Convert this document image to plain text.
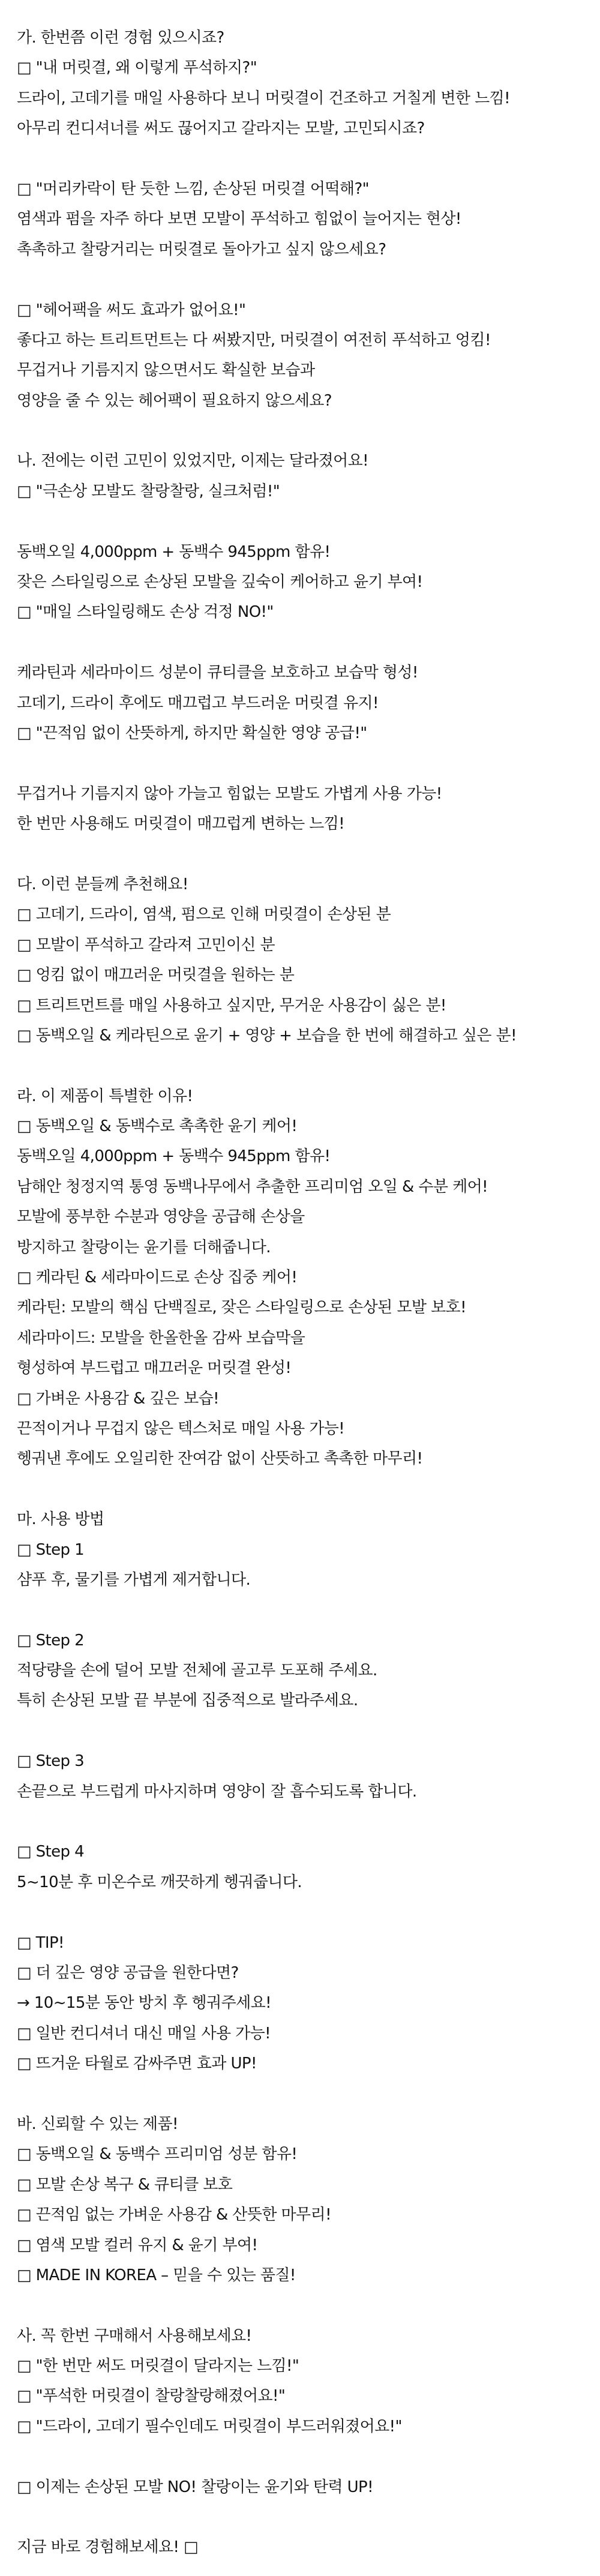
가. 한번쯤 이런 경험 있으시죠?
□ "내 머릿결, 왜 이렇게 푸석하지?"
드라이, 고데기를 매일 사용하다 보니 머릿결이 건조하고 거칠게 변한 느낌!
아무리 컨디셔너를 써도 끊어지고 갈라지는 모발, 고민되시죠?
□ "머리카락이 탄 듯한 느낌, 손상된 머릿결 어떡해?"
염색과 펌을 자주 하다 보면 모발이 푸석하고 힘없이 늘어지는 현상!
촉촉하고 찰랑거리는 머릿결로 돌아가고 싶지 않으세요?
□ "헤어팩을 써도 효과가 없어요!"
좋다고 하는 트리트먼트는 다 써봤지만, 머릿결이 여전히 푸석하고 엉킴!
무겁거나 기름지지 않으면서도 확실한 보습과
영양을 줄 수 있는 헤어팩이 필요하지 않으세요?
나. 전에는 이런 고민이 있었지만, 이제는 달라졌어요!
□ "극손상 모발도 찰랑찰랑, 실크처럼!"
동백오일 4,000ppm + 동백수 945ppm 함유!
잦은 스타일링으로 손상된 모발을 깊숙이 케어하고 윤기 부여!
□ "매일 스타일링해도 손상 걱정 NO!"
케라틴과 세라마이드 성분이 큐티클을 보호하고 보습막 형성!
고데기, 드라이 후에도 매끄럽고 부드러운 머릿결 유지!
□ "끈적임 없이 산뜻하게, 하지만 확실한 영양 공급!"
무겁거나 기름지지 않아 가늘고 힘없는 모발도 가볍게 사용 가능!
한 번만 사용해도 머릿결이 매끄럽게 변하는 느낌!
다. 이런 분들께 추천해요!
□ 고데기, 드라이, 염색, 펌으로 인해 머릿결이 손상된 분
□ 모발이 푸석하고 갈라져 고민이신 분
□ 엉킴 없이 매끄러운 머릿결을 원하는 분
□ 트리트먼트를 매일 사용하고 싶지만, 무거운 사용감이 싫은 분!
□ 동백오일 & 케라틴으로 윤기 + 영양 + 보습을 한 번에 해결하고 싶은 분!
라. 이 제품이 특별한 이유!
□ 동백오일 & 동백수로 촉촉한 윤기 케어!
동백오일 4,000ppm + 동백수 945ppm 함유!
남해안 청정지역 통영 동백나무에서 추출한 프리미엄 오일 & 수분 케어!
모발에 풍부한 수분과 영양을 공급해 손상을
방지하고 찰랑이는 윤기를 더해줍니다.
□ 케라틴 & 세라마이드로 손상 집중 케어!
케라틴: 모발의 핵심 단백질로, 잦은 스타일링으로 손상된 모발 보호!
세라마이드: 모발을 한올한올 감싸 보습막을
형성하여 부드럽고 매끄러운 머릿결 완성!
□ 가벼운 사용감 & 깊은 보습!
끈적이거나 무겁지 않은 텍스처로 매일 사용 가능!
헹궈낸 후에도 오일리한 잔여감 없이 산뜻하고 촉촉한 마무리!
마. 사용 방법
□ Step 1
샴푸 후, 물기를 가볍게 제거합니다.
□ Step 2
적당량을 손에 덜어 모발 전체에 골고루 도포해 주세요.
특히 손상된 모발 끝 부분에 집중적으로 발라주세요.
□ Step 3
손끝으로 부드럽게 마사지하며 영양이 잘 흡수되도록 합니다.
□ Step 4
5~10분 후 미온수로 깨끗하게 헹궈줍니다.
□ TIP!
□ 더 깊은 영양 공급을 원한다면?
→ 10~15분 동안 방치 후 헹궈주세요!
□ 일반 컨디셔너 대신 매일 사용 가능!
□ 뜨거운 타월로 감싸주면 효과 UP!
바. 신뢰할 수 있는 제품!
□ 동백오일 & 동백수 프리미엄 성분 함유!
□ 모발 손상 복구 & 큐티클 보호
□ 끈적임 없는 가벼운 사용감 & 산뜻한 마무리!
□ 염색 모발 컬러 유지 & 윤기 부여!
□ MADE IN KOREA – 믿을 수 있는 품질!
사. 꼭 한번 구매해서 사용해보세요!
□ "한 번만 써도 머릿결이 달라지는 느낌!"
□ "푸석한 머릿결이 찰랑찰랑해졌어요!"
□ "드라이, 고데기 필수인데도 머릿결이 부드러워졌어요!"
□ 이제는 손상된 모발 NO! 찰랑이는 윤기와 탄력 UP!
지금 바로 경험해보세요! □
